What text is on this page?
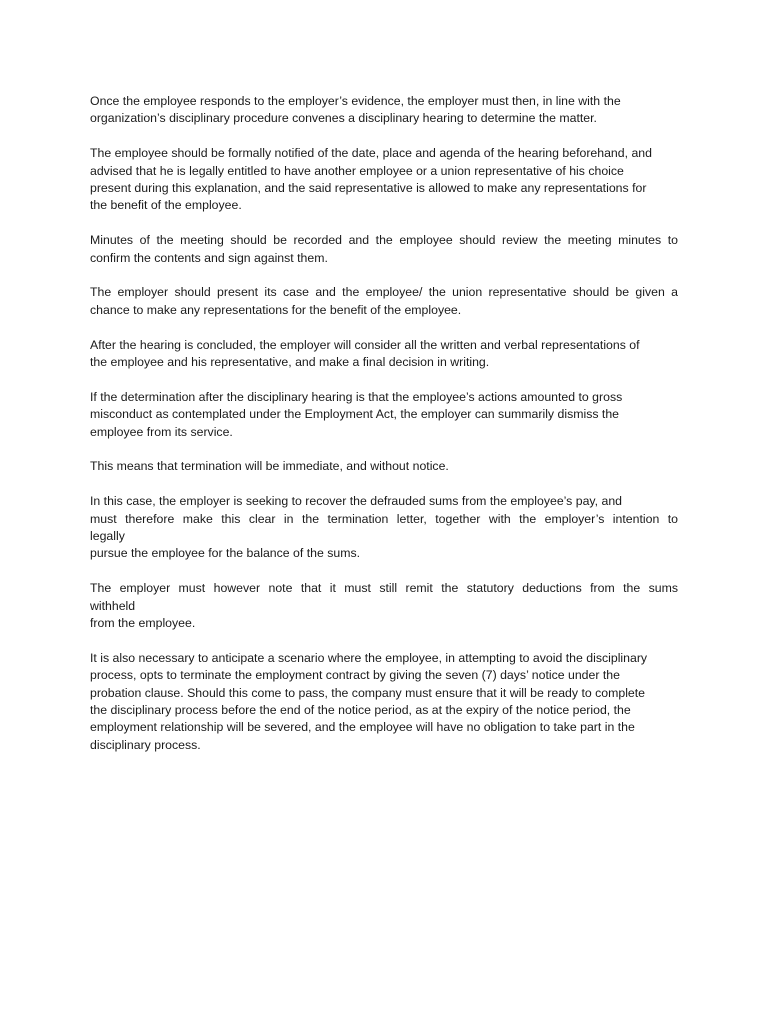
Once the employee responds to the employer’s evidence, the employer must then, in line with the
organization’s disciplinary procedure convenes a disciplinary hearing to determine the matter.

The employee should be formally notified of the date, place and agenda of the hearing beforehand, and
advised that he is legally entitled to have another employee or a union representative of his choice
present during this explanation, and the said representative is allowed to make any representations for
the benefit of the employee.

Minutes of the meeting should be recorded and the employee should review the meeting minutes to
confirm the contents and sign against them.

The employer should present its case and the employee/ the union representative should be given a
chance to make any representations for the benefit of the employee.

After the hearing is concluded, the employer will consider all the written and verbal representations of
the employee and his representative, and make a final decision in writing.

If the determination after the disciplinary hearing is that the employee’s actions amounted to gross
misconduct as contemplated under the Employment Act, the employer can summarily dismiss the
employee from its service.

This means that termination will be immediate, and without notice.

In this case, the employer is seeking to recover the defrauded sums from the employee’s pay, and
must therefore make this clear in the termination letter, together with the employer’s intention to
legally
pursue the employee for the balance of the sums.

The employer must however note that it must still remit the statutory deductions from the sums
withheld
from the employee.

It is also necessary to anticipate a scenario where the employee, in attempting to avoid the disciplinary
process, opts to terminate the employment contract by giving the seven (7) days’ notice under the
probation clause. Should this come to pass, the company must ensure that it will be ready to complete
the disciplinary process before the end of the notice period, as at the expiry of the notice period, the
employment relationship will be severed, and the employee will have no obligation to take part in the
disciplinary process.
